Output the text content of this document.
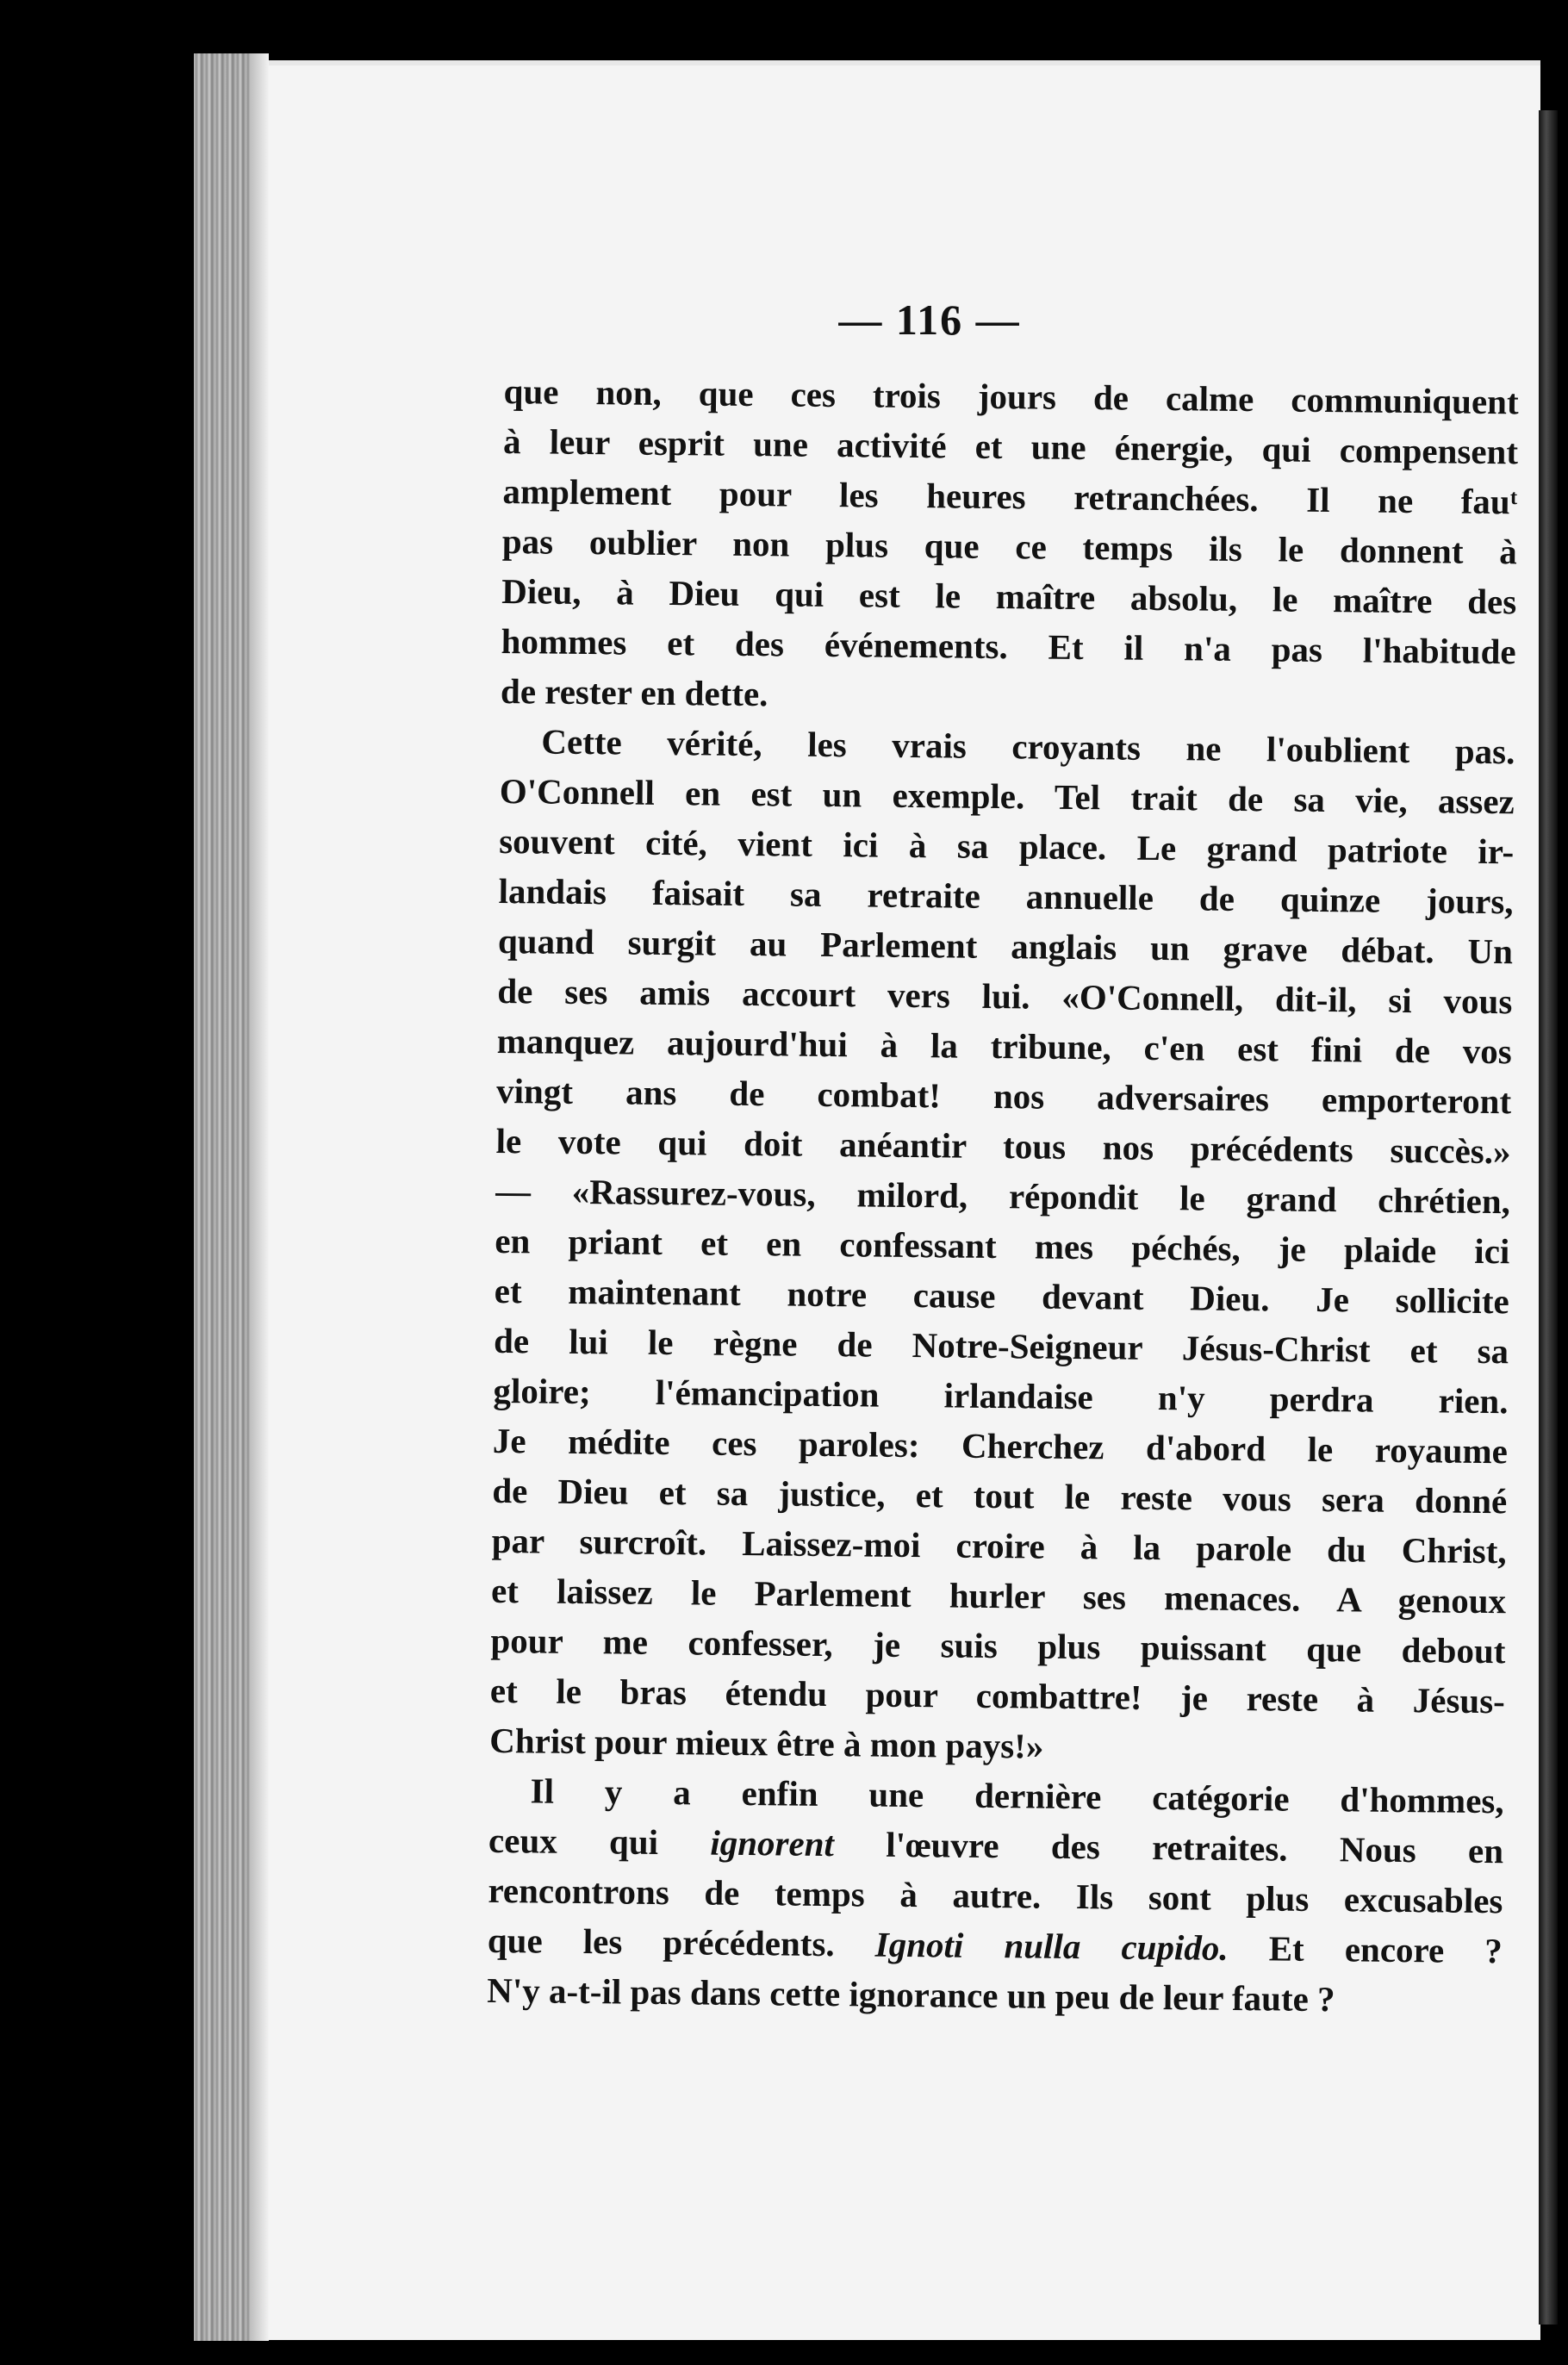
— 116 —
que non, que ces trois jours de calme communiquent
à leur esprit une activité et une énergie, qui compensent
amplement pour les heures retranchées. Il ne fauᵗ
pas oublier non plus que ce temps ils le donnent à
Dieu, à Dieu qui est le maître absolu, le maître des
hommes et des événements. Et il n'a pas l'habitude
de rester en dette.
Cette vérité, les vrais croyants ne l'oublient pas.
O'Connell en est un exemple. Tel trait de sa vie, assez
souvent cité, vient ici à sa place. Le grand patriote ir-
landais faisait sa retraite annuelle de quinze jours,
quand surgit au Parlement anglais un grave débat. Un
de ses amis accourt vers lui. «O'Connell, dit-il, si vous
manquez aujourd'hui à la tribune, c'en est fini de vos
vingt ans de combat! nos adversaires emporteront
le vote qui doit anéantir tous nos précédents succès.»
— «Rassurez-vous, milord, répondit le grand chrétien,
en priant et en confessant mes péchés, je plaide ici
et maintenant notre cause devant Dieu. Je sollicite
de lui le règne de Notre-Seigneur Jésus-Christ et sa
gloire; l'émancipation irlandaise n'y perdra rien.
Je médite ces paroles: Cherchez d'abord le royaume
de Dieu et sa justice, et tout le reste vous sera donné
par surcroît. Laissez-moi croire à la parole du Christ,
et laissez le Parlement hurler ses menaces. A genoux
pour me confesser, je suis plus puissant que debout
et le bras étendu pour combattre! je reste à Jésus-
Christ pour mieux être à mon pays!»
Il y a enfin une dernière catégorie d'hommes,
ceux qui ignorent l'œuvre des retraites. Nous en
rencontrons de temps à autre. Ils sont plus excusables
que les précédents. Ignoti nulla cupido. Et encore ?
N'y a-t-il pas dans cette ignorance un peu de leur faute ?
